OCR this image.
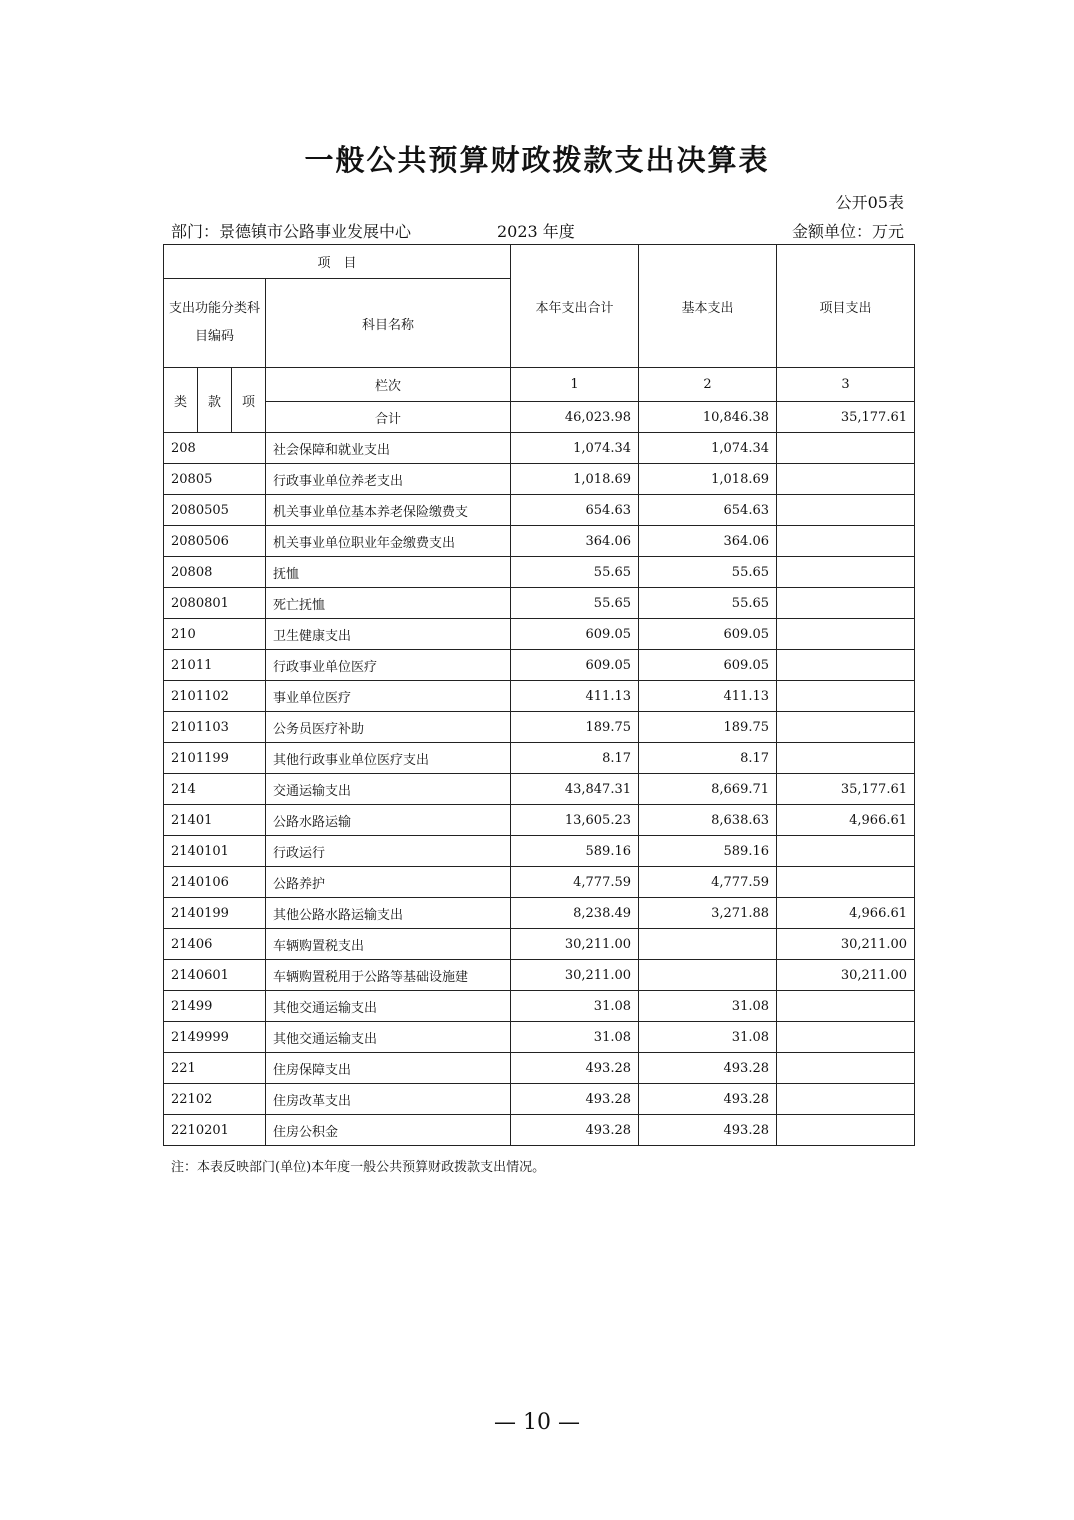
一般公共预算财政拨款支出决算表
公开05表
部门：景德镇市公路事业发展中心	2023 年度	金额单位：万元
项　目				本年支出合计	基本支出	项目支出
支出功能分类科目编码			科目名称			
类	款	项	栏次	1	2	3
			合计	46,023.98	10,846.38	35,177.61
208			社会保障和就业支出	1,074.34	1,074.34	
20805			行政事业单位养老支出	1,018.69	1,018.69	
2080505			机关事业单位基本养老保险缴费支	654.63	654.63	
2080506			机关事业单位职业年金缴费支出	364.06	364.06	
20808			抚恤	55.65	55.65	
2080801			死亡抚恤	55.65	55.65	
210			卫生健康支出	609.05	609.05	
21011			行政事业单位医疗	609.05	609.05	
2101102			事业单位医疗	411.13	411.13	
2101103			公务员医疗补助	189.75	189.75	
2101199			其他行政事业单位医疗支出	8.17	8.17	
214			交通运输支出	43,847.31	8,669.71	35,177.61
21401			公路水路运输	13,605.23	8,638.63	4,966.61
2140101			行政运行	589.16	589.16	
2140106			公路养护	4,777.59	4,777.59	
2140199			其他公路水路运输支出	8,238.49	3,271.88	4,966.61
21406			车辆购置税支出	30,211.00		30,211.00
2140601			车辆购置税用于公路等基础设施建	30,211.00		30,211.00
21499			其他交通运输支出	31.08	31.08	
2149999			其他交通运输支出	31.08	31.08	
221			住房保障支出	493.28	493.28	
22102			住房改革支出	493.28	493.28	
2210201			住房公积金	493.28	493.28	
注：本表反映部门(单位)本年度一般公共预算财政拨款支出情况。
— 10 —
